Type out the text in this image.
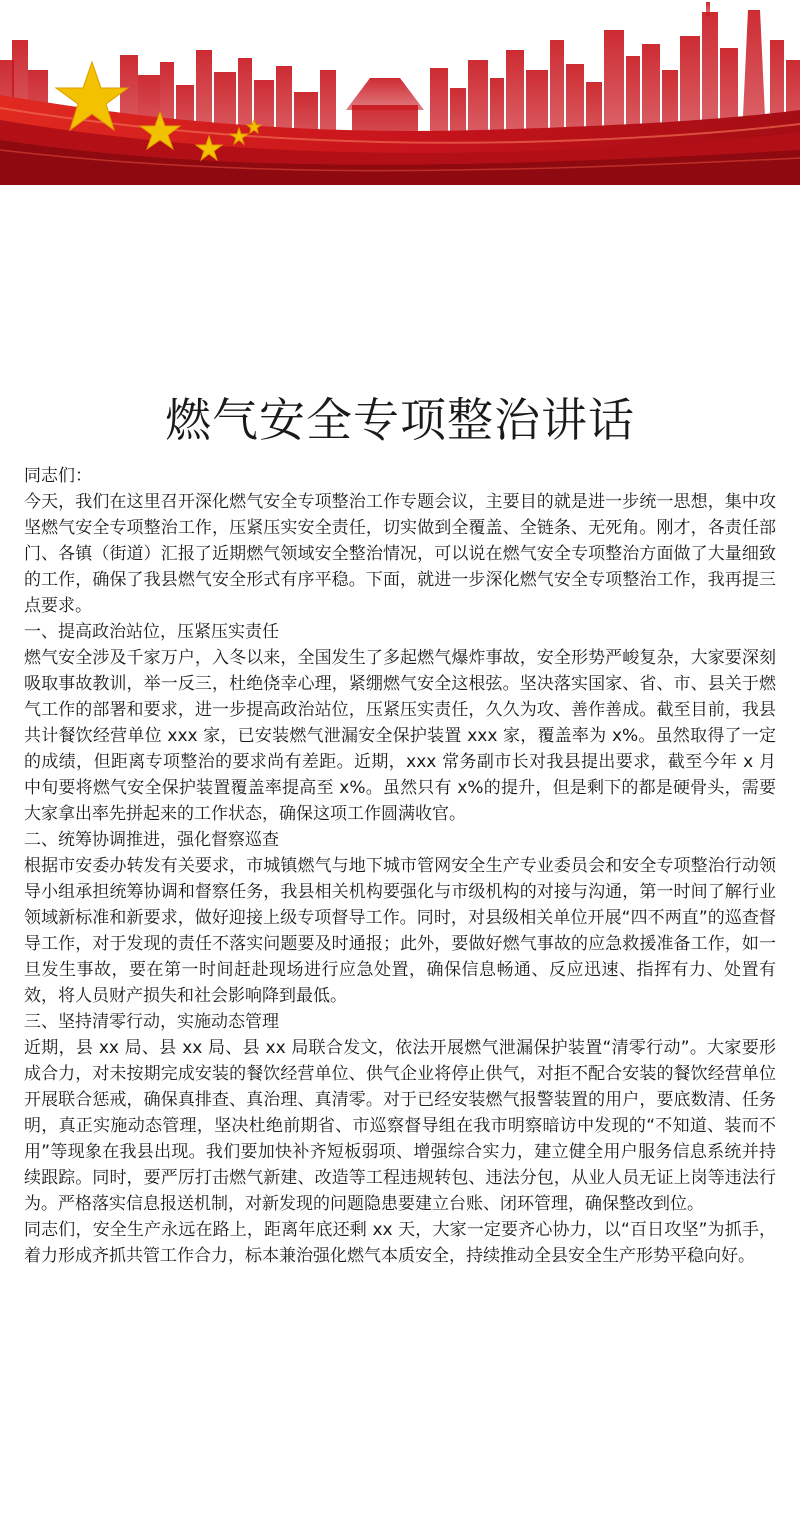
燃气安全专项整治讲话

同志们：

今天，我们在这里召开深化燃气安全专项整治工作专题会议，主要目的就是进一步统一思想，集中攻坚燃气安全专项整治工作，压紧压实安全责任，切实做到全覆盖、全链条、无死角。刚才，各责任部门、各镇（街道）汇报了近期燃气领域安全整治情况，可以说在燃气安全专项整治方面做了大量细致的工作，确保了我县燃气安全形式有序平稳。下面，就进一步深化燃气安全专项整治工作，我再提三点要求。

一、提高政治站位，压紧压实责任

燃气安全涉及千家万户，入冬以来，全国发生了多起燃气爆炸事故，安全形势严峻复杂，大家要深刻吸取事故教训，举一反三，杜绝侥幸心理，紧绷燃气安全这根弦。坚决落实国家、省、市、县关于燃气工作的部署和要求，进一步提高政治站位，压紧压实责任，久久为攻、善作善成。截至目前，我县共计餐饮经营单位 xxx 家，已安装燃气泄漏安全保护装置 xxx 家，覆盖率为 x%。虽然取得了一定的成绩，但距离专项整治的要求尚有差距。近期，xxx 常务副市长对我县提出要求，截至今年 x 月中旬要将燃气安全保护装置覆盖率提高至 x%。虽然只有 x%的提升，但是剩下的都是硬骨头，需要大家拿出率先拼起来的工作状态，确保这项工作圆满收官。

二、统筹协调推进，强化督察巡查

根据市安委办转发有关要求，市城镇燃气与地下城市管网安全生产专业委员会和安全专项整治行动领导小组承担统筹协调和督察任务，我县相关机构要强化与市级机构的对接与沟通，第一时间了解行业领域新标准和新要求，做好迎接上级专项督导工作。同时，对县级相关单位开展“四不两直”的巡查督导工作，对于发现的责任不落实问题要及时通报；此外，要做好燃气事故的应急救援准备工作，如一旦发生事故，要在第一时间赶赴现场进行应急处置，确保信息畅通、反应迅速、指挥有力、处置有效，将人员财产损失和社会影响降到最低。

三、坚持清零行动，实施动态管理

近期，县 xx 局、县 xx 局、县 xx 局联合发文，依法开展燃气泄漏保护装置“清零行动”。大家要形成合力，对未按期完成安装的餐饮经营单位、供气企业将停止供气，对拒不配合安装的餐饮经营单位开展联合惩戒，确保真排查、真治理、真清零。对于已经安装燃气报警装置的用户，要底数清、任务明，真正实施动态管理，坚决杜绝前期省、市巡察督导组在我市明察暗访中发现的“不知道、装而不用”等现象在我县出现。我们要加快补齐短板弱项、增强综合实力，建立健全用户服务信息系统并持续跟踪。同时，要严厉打击燃气新建、改造等工程违规转包、违法分包，从业人员无证上岗等违法行为。严格落实信息报送机制，对新发现的问题隐患要建立台账、闭环管理，确保整改到位。

同志们，安全生产永远在路上，距离年底还剩 xx 天，大家一定要齐心协力，以“百日攻坚”为抓手，着力形成齐抓共管工作合力，标本兼治强化燃气本质安全，持续推动全县安全生产形势平稳向好。
